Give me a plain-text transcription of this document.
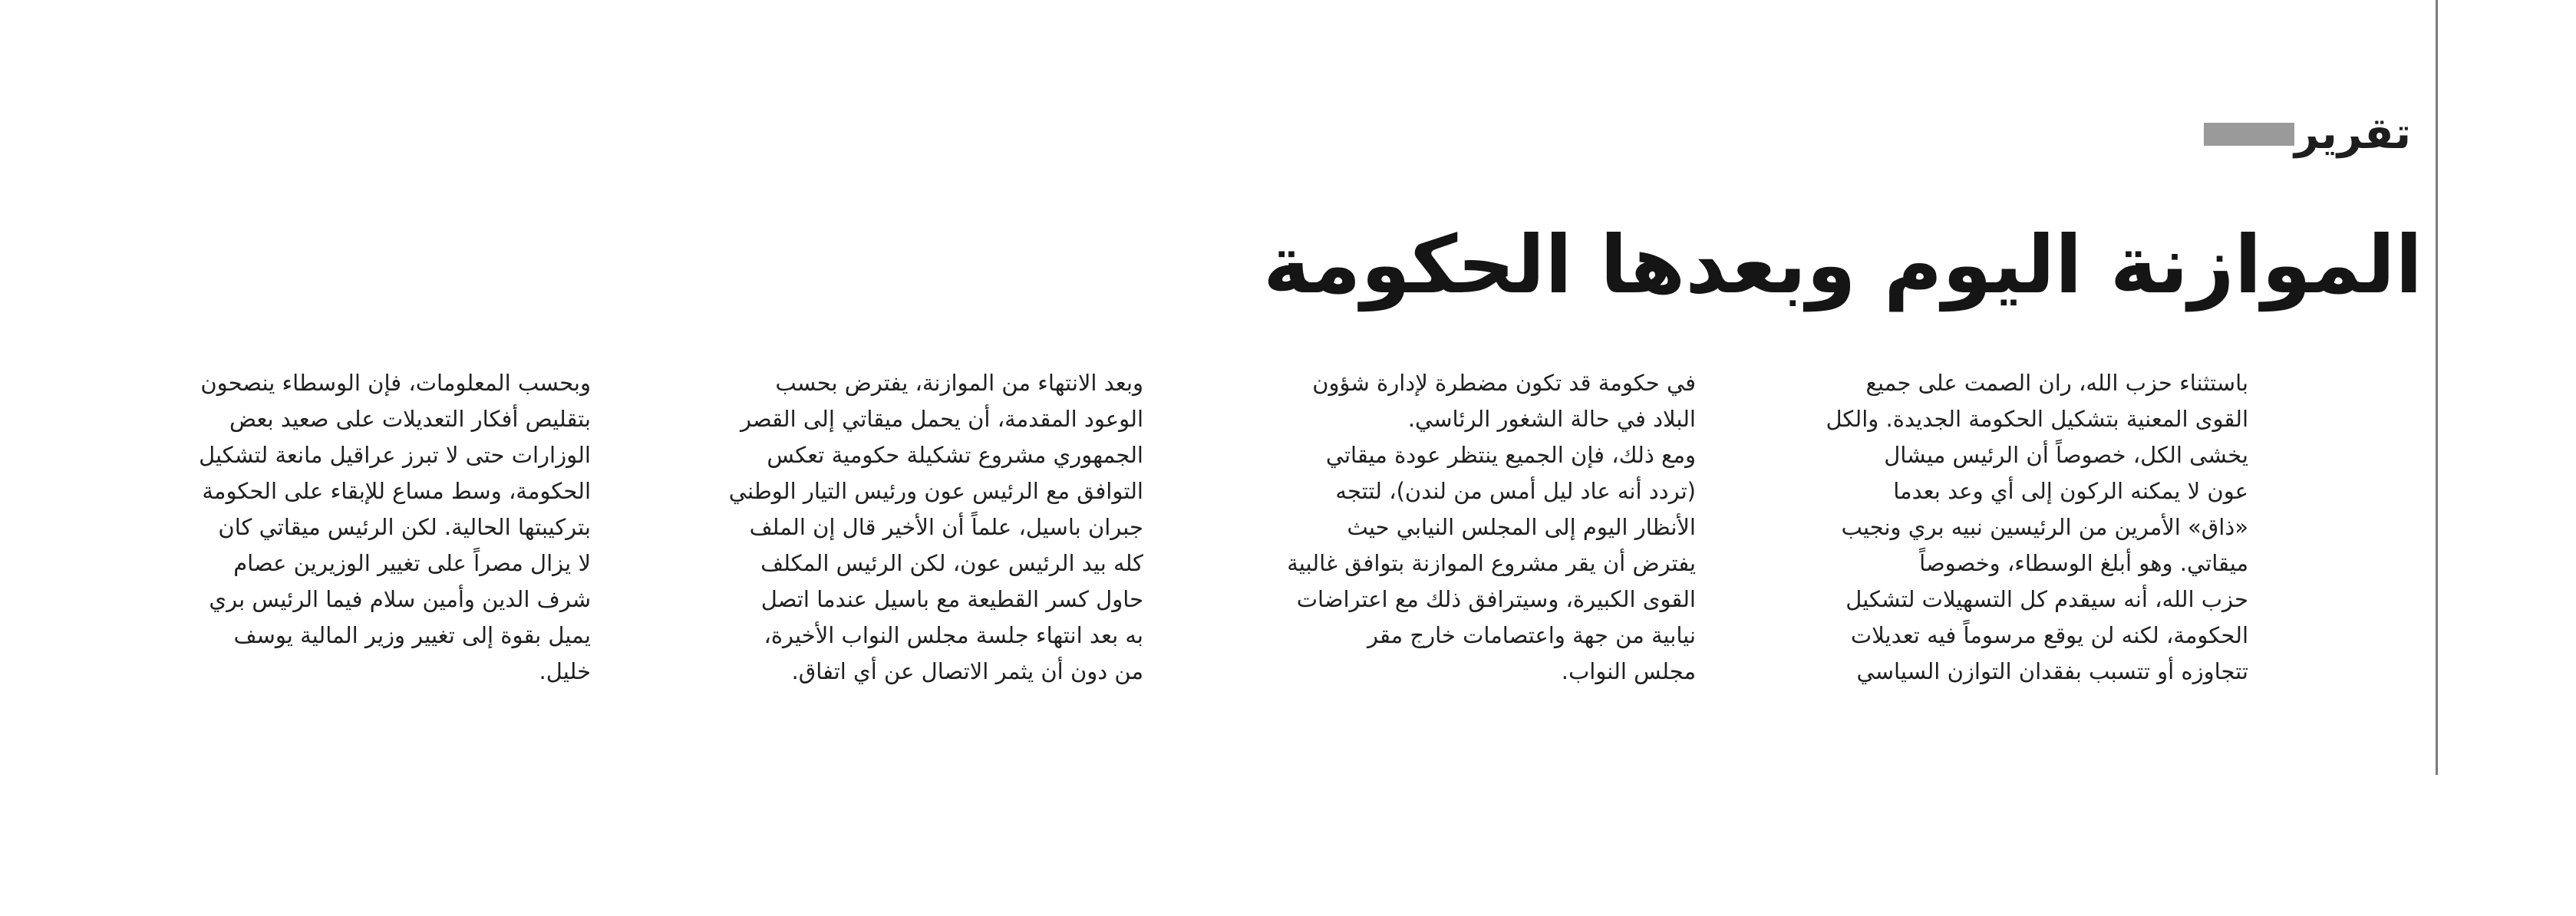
تقرير
الموازنة اليوم وبعدها الحكومة
باستثناء حزب الله، ران الصمت على جميع
القوى المعنية بتشكيل الحكومة الجديدة. والكل
يخشى الكل، خصوصاً أن الرئيس ميشال
عون لا يمكنه الركون إلى أي وعد بعدما
«ذاق» الأمرين من الرئيسين نبيه بري ونجيب
ميقاتي. وهو أبلغ الوسطاء، وخصوصاً
حزب الله، أنه سيقدم كل التسهيلات لتشكيل
الحكومة، لكنه لن يوقع مرسوماً فيه تعديلات
تتجاوزه أو تتسبب بفقدان التوازن السياسي
في حكومة قد تكون مضطرة لإدارة شؤون
البلاد في حالة الشغور الرئاسي.
ومع ذلك، فإن الجميع ينتظر عودة ميقاتي
(تردد أنه عاد ليل أمس من لندن)، لتتجه
الأنظار اليوم إلى المجلس النيابي حيث
يفترض أن يقر مشروع الموازنة بتوافق غالبية
القوى الكبيرة، وسيترافق ذلك مع اعتراضات
نيابية من جهة واعتصامات خارج مقر
مجلس النواب.
وبعد الانتهاء من الموازنة، يفترض بحسب
الوعود المقدمة، أن يحمل ميقاتي إلى القصر
الجمهوري مشروع تشكيلة حكومية تعكس
التوافق مع الرئيس عون ورئيس التيار الوطني
جبران باسيل، علماً أن الأخير قال إن الملف
كله بيد الرئيس عون، لكن الرئيس المكلف
حاول كسر القطيعة مع باسيل عندما اتصل
به بعد انتهاء جلسة مجلس النواب الأخيرة،
من دون أن يثمر الاتصال عن أي اتفاق.
وبحسب المعلومات، فإن الوسطاء ينصحون
بتقليص أفكار التعديلات على صعيد بعض
الوزارات حتى لا تبرز عراقيل مانعة لتشكيل
الحكومة، وسط مساع للإبقاء على الحكومة
بتركيبتها الحالية. لكن الرئيس ميقاتي كان
لا يزال مصراً على تغيير الوزيرين عصام
شرف الدين وأمين سلام فيما الرئيس بري
يميل بقوة إلى تغيير وزير المالية يوسف
خليل.
